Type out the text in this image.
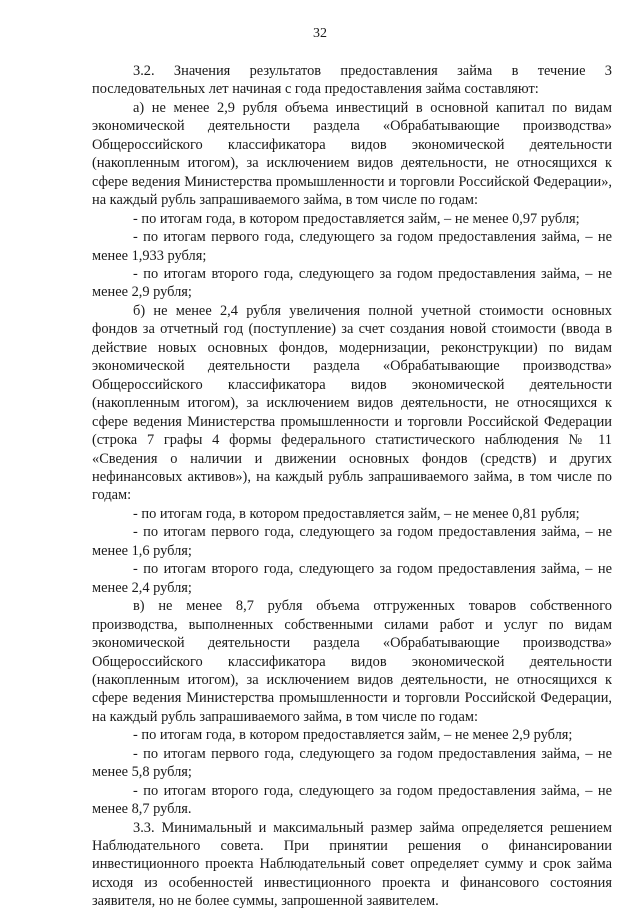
32

3.2. Значения результатов предоставления займа в течение 3 последовательных лет начиная с года предоставления займа составляют:

а) не менее 2,9 рубля объема инвестиций в основной капитал по видам экономической деятельности раздела «Обрабатывающие производства» Общероссийского классификатора видов экономической деятельности (накопленным итогом), за исключением видов деятельности, не относящихся к сфере ведения Министерства промышленности и торговли Российской Федерации», на каждый рубль запрашиваемого займа, в том числе по годам:

- по итогам года, в котором предоставляется займ, – не менее 0,97 рубля;

- по итогам первого года, следующего за годом предоставления займа, – не менее 1,933 рубля;

- по итогам второго года, следующего за годом предоставления займа, – не менее 2,9 рубля;

б) не менее 2,4 рубля увеличения полной учетной стоимости основных фондов за отчетный год (поступление) за счет создания новой стоимости (ввода в действие новых основных фондов, модернизации, реконструкции) по видам экономической деятельности раздела «Обрабатывающие производства» Общероссийского классификатора видов экономической деятельности (накопленным итогом), за исключением видов деятельности, не относящихся к сфере ведения Министерства промышленности и торговли Российской Федерации (строка 7 графы 4 формы федерального статистического наблюдения № 11 «Сведения о наличии и движении основных фондов (средств) и других нефинансовых активов»), на каждый рубль запрашиваемого займа, в том числе по годам:

- по итогам года, в котором предоставляется займ, – не менее 0,81 рубля;

- по итогам первого года, следующего за годом предоставления займа, – не менее 1,6 рубля;

- по итогам второго года, следующего за годом предоставления займа, – не менее 2,4 рубля;

в) не менее 8,7 рубля объема отгруженных товаров собственного производства, выполненных собственными силами работ и услуг по видам экономической деятельности раздела «Обрабатывающие производства» Общероссийского классификатора видов экономической деятельности (накопленным итогом), за исключением видов деятельности, не относящихся к сфере ведения Министерства промышленности и торговли Российской Федерации, на каждый рубль запрашиваемого займа, в том числе по годам:

- по итогам года, в котором предоставляется займ, – не менее 2,9 рубля;

- по итогам первого года, следующего за годом предоставления займа, – не менее 5,8 рубля;

- по итогам второго года, следующего за годом предоставления займа, – не менее 8,7 рубля.

3.3. Минимальный и максимальный размер займа определяется решением Наблюдательного совета. При принятии решения о финансировании инвестиционного проекта Наблюдательный совет определяет сумму и срок займа исходя из особенностей инвестиционного проекта и финансового состояния заявителя, но не более суммы, запрошенной заявителем.
